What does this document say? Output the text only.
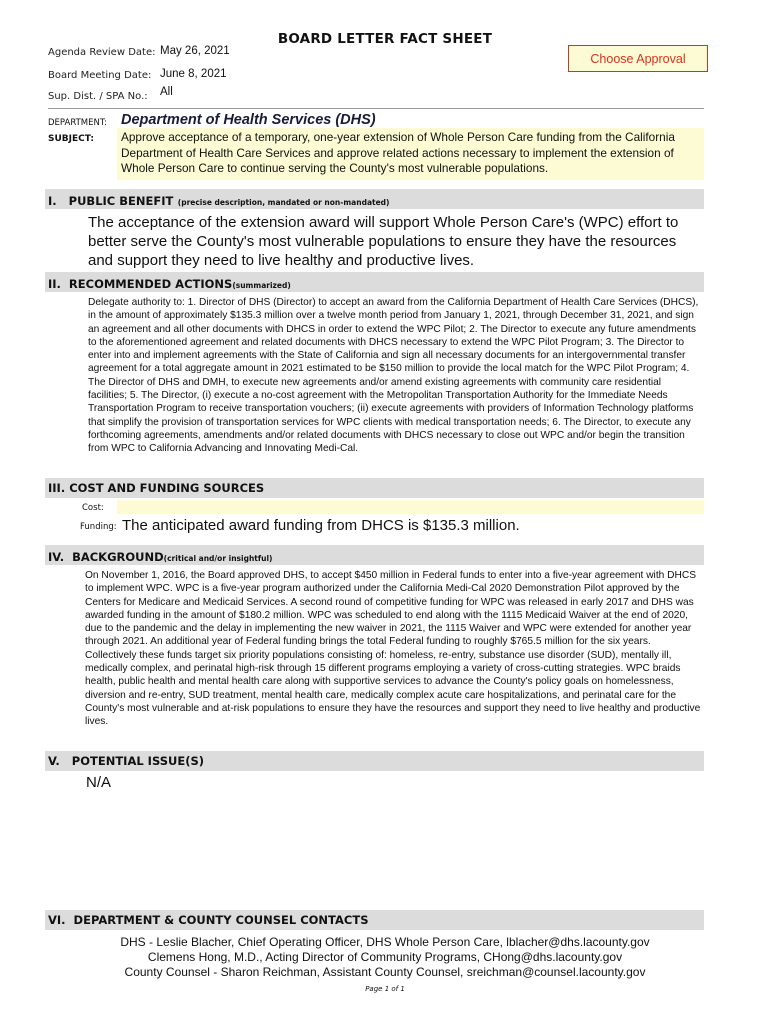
BOARD LETTER FACT SHEET
Agenda Review Date: May 26, 2021
Board Meeting Date: June 8, 2021
Sup. Dist. / SPA No.: All
Choose Approval
DEPARTMENT: Department of Health Services (DHS)
SUBJECT: Approve acceptance of a temporary, one-year extension of Whole Person Care funding from the California Department of Health Care Services and approve related actions necessary to implement the extension of Whole Person Care to continue serving the County's most vulnerable populations.
I.   PUBLIC BENEFIT (precise description, mandated or non-mandated)
The acceptance of the extension award will support Whole Person Care's (WPC) effort to better serve the County's most vulnerable populations to ensure they have the resources and support they need to live healthy and productive lives.
II.  RECOMMENDED ACTIONS(summarized)
Delegate authority to: 1. Director of DHS (Director) to accept an award from the California Department of Health Care Services (DHCS), in the amount of approximately $135.3 million over a twelve month period from January 1, 2021, through December 31, 2021, and sign an agreement and all other documents with DHCS in order to extend the WPC Pilot; 2. The Director to execute any future amendments to the aforementioned agreement and related documents with DHCS necessary to extend the WPC Pilot Program; 3. The Director to enter into and implement agreements with the State of California and sign all necessary documents for an intergovernmental transfer agreement for a total aggregate amount in 2021 estimated to be $150 million to provide the local match for the WPC Pilot Program; 4. The Director of DHS and DMH, to execute new agreements and/or amend existing agreements with community care residential facilities; 5. The Director, (i) execute a no-cost agreement with the Metropolitan Transportation Authority for the Immediate Needs Transportation Program to receive transportation vouchers; (ii) execute agreements with providers of Information Technology platforms that simplify the provision of transportation services for WPC clients with medical transportation needs; 6. The Director, to execute any forthcoming agreements, amendments and/or related documents with DHCS necessary to close out WPC and/or begin the transition from WPC to California Advancing and Innovating Medi-Cal.
III. COST AND FUNDING SOURCES
Cost:
Funding: The anticipated award funding from DHCS is $135.3 million.
IV.  BACKGROUND(critical and/or insightful)
On November 1, 2016, the Board approved DHS, to accept $450 million in Federal funds to enter into a five-year agreement with DHCS to implement WPC. WPC is a five-year program authorized under the California Medi-Cal 2020 Demonstration Pilot approved by the Centers for Medicare and Medicaid Services. A second round of competitive funding for WPC was released in early 2017 and DHS was awarded funding in the amount of $180.2 million. WPC was scheduled to end along with the 1115 Medicaid Waiver at the end of 2020, due to the pandemic and the delay in implementing the new waiver in 2021, the 1115 Waiver and WPC were extended for another year through 2021. An additional year of Federal funding brings the total Federal funding to roughly $765.5 million for the six years. Collectively these funds target six priority populations consisting of: homeless, re-entry, substance use disorder (SUD), mentally ill, medically complex, and perinatal high-risk through 15 different programs employing a variety of cross-cutting strategies. WPC braids health, public health and mental health care along with supportive services to advance the County's policy goals on homelessness, diversion and re-entry, SUD treatment, mental health care, medically complex acute care hospitalizations, and perinatal care for the County's most vulnerable and at-risk populations to ensure they have the resources and support they need to live healthy and productive lives.
V.   POTENTIAL ISSUE(S)
N/A
VI.  DEPARTMENT & COUNTY COUNSEL CONTACTS
DHS - Leslie Blacher, Chief Operating Officer, DHS Whole Person Care, lblacher@dhs.lacounty.gov
Clemens Hong, M.D., Acting Director of Community Programs, CHong@dhs.lacounty.gov
County Counsel - Sharon Reichman, Assistant County Counsel, sreichman@counsel.lacounty.gov
Page 1 of 1
